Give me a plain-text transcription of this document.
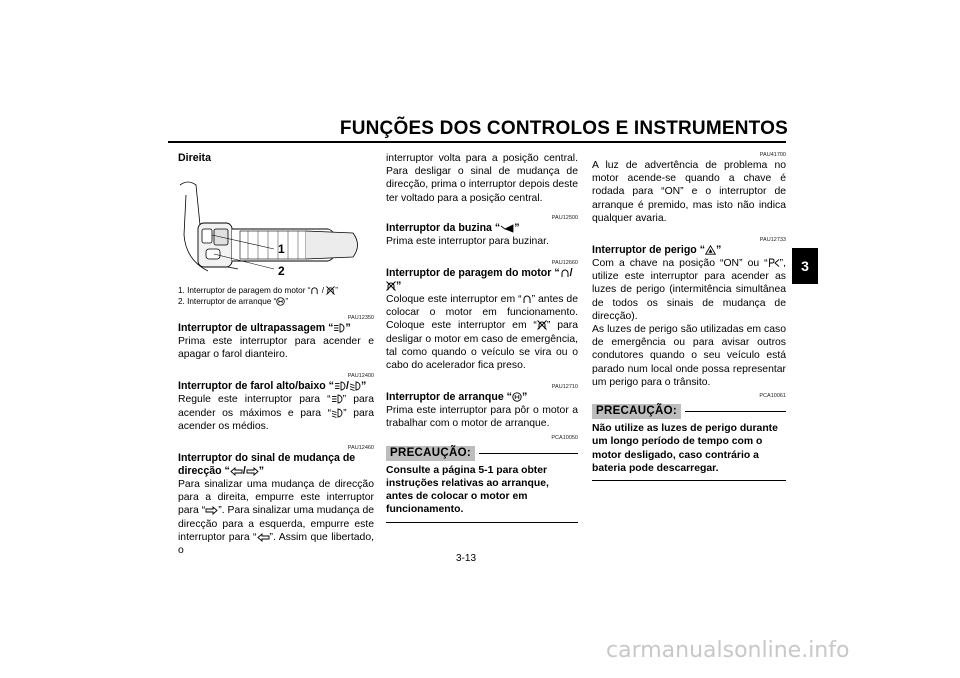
FUNÇÕES DOS CONTROLOS E INSTRUMENTOS
3
Direita
1
2
1. Interruptor de paragem do motor “ / ”
2. Interruptor de arranque “ ”
PAU12350
Interruptor de ultrapassagem “ ”
Prima este interruptor para acender e apagar o farol dianteiro.
PAU12400
Interruptor de farol alto/baixo “ / ”
Regule este interruptor para “ ” para acender os máximos e para “ ” para acender os médios.
PAU12460
Interruptor do sinal de mudança de direcção “ / ”
Para sinalizar uma mudança de direcção para a direita, empurre este interruptor para “ ”. Para sinalizar uma mudança de direcção para a esquerda, empurre este interruptor para “ ”. Assim que libertado, o
interruptor volta para a posição central. Para desligar o sinal de mudança de direcção, prima o interruptor depois deste ter voltado para a posição central.
PAU12500
Interruptor da buzina “ ”
Prima este interruptor para buzinar.
PAU12660
Interruptor de paragem do motor “ /”
Coloque este interruptor em “ ” antes de colocar o motor em funcionamento. Coloque este interruptor em “ ” para desligar o motor em caso de emergência, tal como quando o veículo se vira ou o cabo do acelerador fica preso.
PAU12710
Interruptor de arranque “ ”
Prima este interruptor para pôr o motor a trabalhar com o motor de arranque.
PCA10050
PRECAUÇÃO:
Consulte a página 5-1 para obter instruções relativas ao arranque, antes de colocar o motor em funcionamento.
PAU41700
A luz de advertência de problema no motor acende-se quando a chave é rodada para “ON” e o interruptor de arranque é premido, mas isto não indica qualquer avaria.
PAU12733
Interruptor de perigo “ ”
Com a chave na posição “ON” ou “ ”, utilize este interruptor para acender as luzes de perigo (intermitência simultânea de todos os sinais de mudança de direcção).
As luzes de perigo são utilizadas em caso de emergência ou para avisar outros condutores quando o seu veículo está parado num local onde possa representar um perigo para o trânsito.
PCA10061
PRECAUÇÃO:
Não utilize as luzes de perigo durante um longo período de tempo com o motor desligado, caso contrário a bateria pode descarregar.
3-13
carmanualsonline.info
